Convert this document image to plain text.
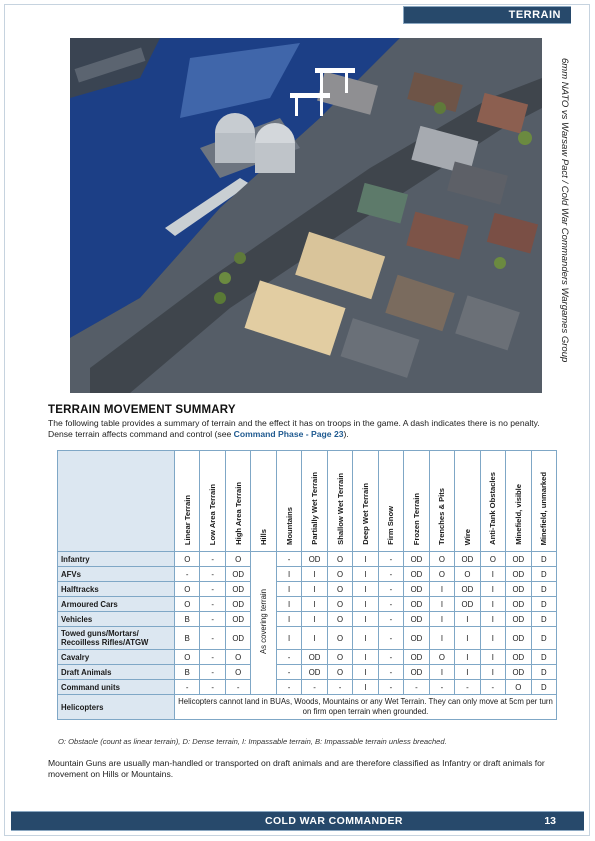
TERRAIN
6mm NATO vs Warsaw Pact / Cold War Commanders Wargames Group
TERRAIN MOVEMENT SUMMARY
The following table provides a summary of terrain and the effect it has on troops in the game. A dash indicates there is no penalty. Dense terrain affects command and control (see Command Phase - Page 23).
	Linear Terrain	Low Area Terrain	High Area Terrain	Hills	Mountains	Partially Wet Terrain	Shallow Wet Terrain	Deep Wet Terrain	Firm Snow	Frozen Terrain	Trenches & Pits	Wire	Anti-Tank Obstacles	Minefield, visible	Minefield, unmarked
Infantry	O	-	O	As covering terrain	-	OD	O	I	-	OD	O	OD	O	OD	D
AFVs	-	-	OD		I	I	O	I	-	OD	O	O	I	OD	D
Halftracks	O	-	OD		I	I	O	I	-	OD	I	OD	I	OD	D
Armoured Cars	O	-	OD		I	I	O	I	-	OD	I	OD	I	OD	D
Vehicles	B	-	OD		I	I	O	I	-	OD	I	I	I	OD	D
Towed guns/Mortars/ Recoilless Rifles/ATGW	B	-	OD		I	I	O	I	-	OD	I	I	I	OD	D
Cavalry	O	-	O		-	OD	O	I	-	OD	O	I	I	OD	D
Draft Animals	B	-	O		-	OD	O	I	-	OD	I	I	I	OD	D
Command units	-	-	-		-	-	-	I	-	-	-	-	-	O	D
Helicopters	Helicopters cannot land in BUAs, Woods, Mountains or any Wet Terrain. They can only move at 5cm per turn on firm open terrain when grounded.														
O: Obstacle (count as linear terrain), D: Dense terrain, I: Impassable terrain, B: Impassable terrain unless breached.
Mountain Guns are usually man-handled or transported on draft animals and are therefore classified as Infantry or draft animals for movement on Hills or Mountains.
COLD WAR COMMANDER	13
